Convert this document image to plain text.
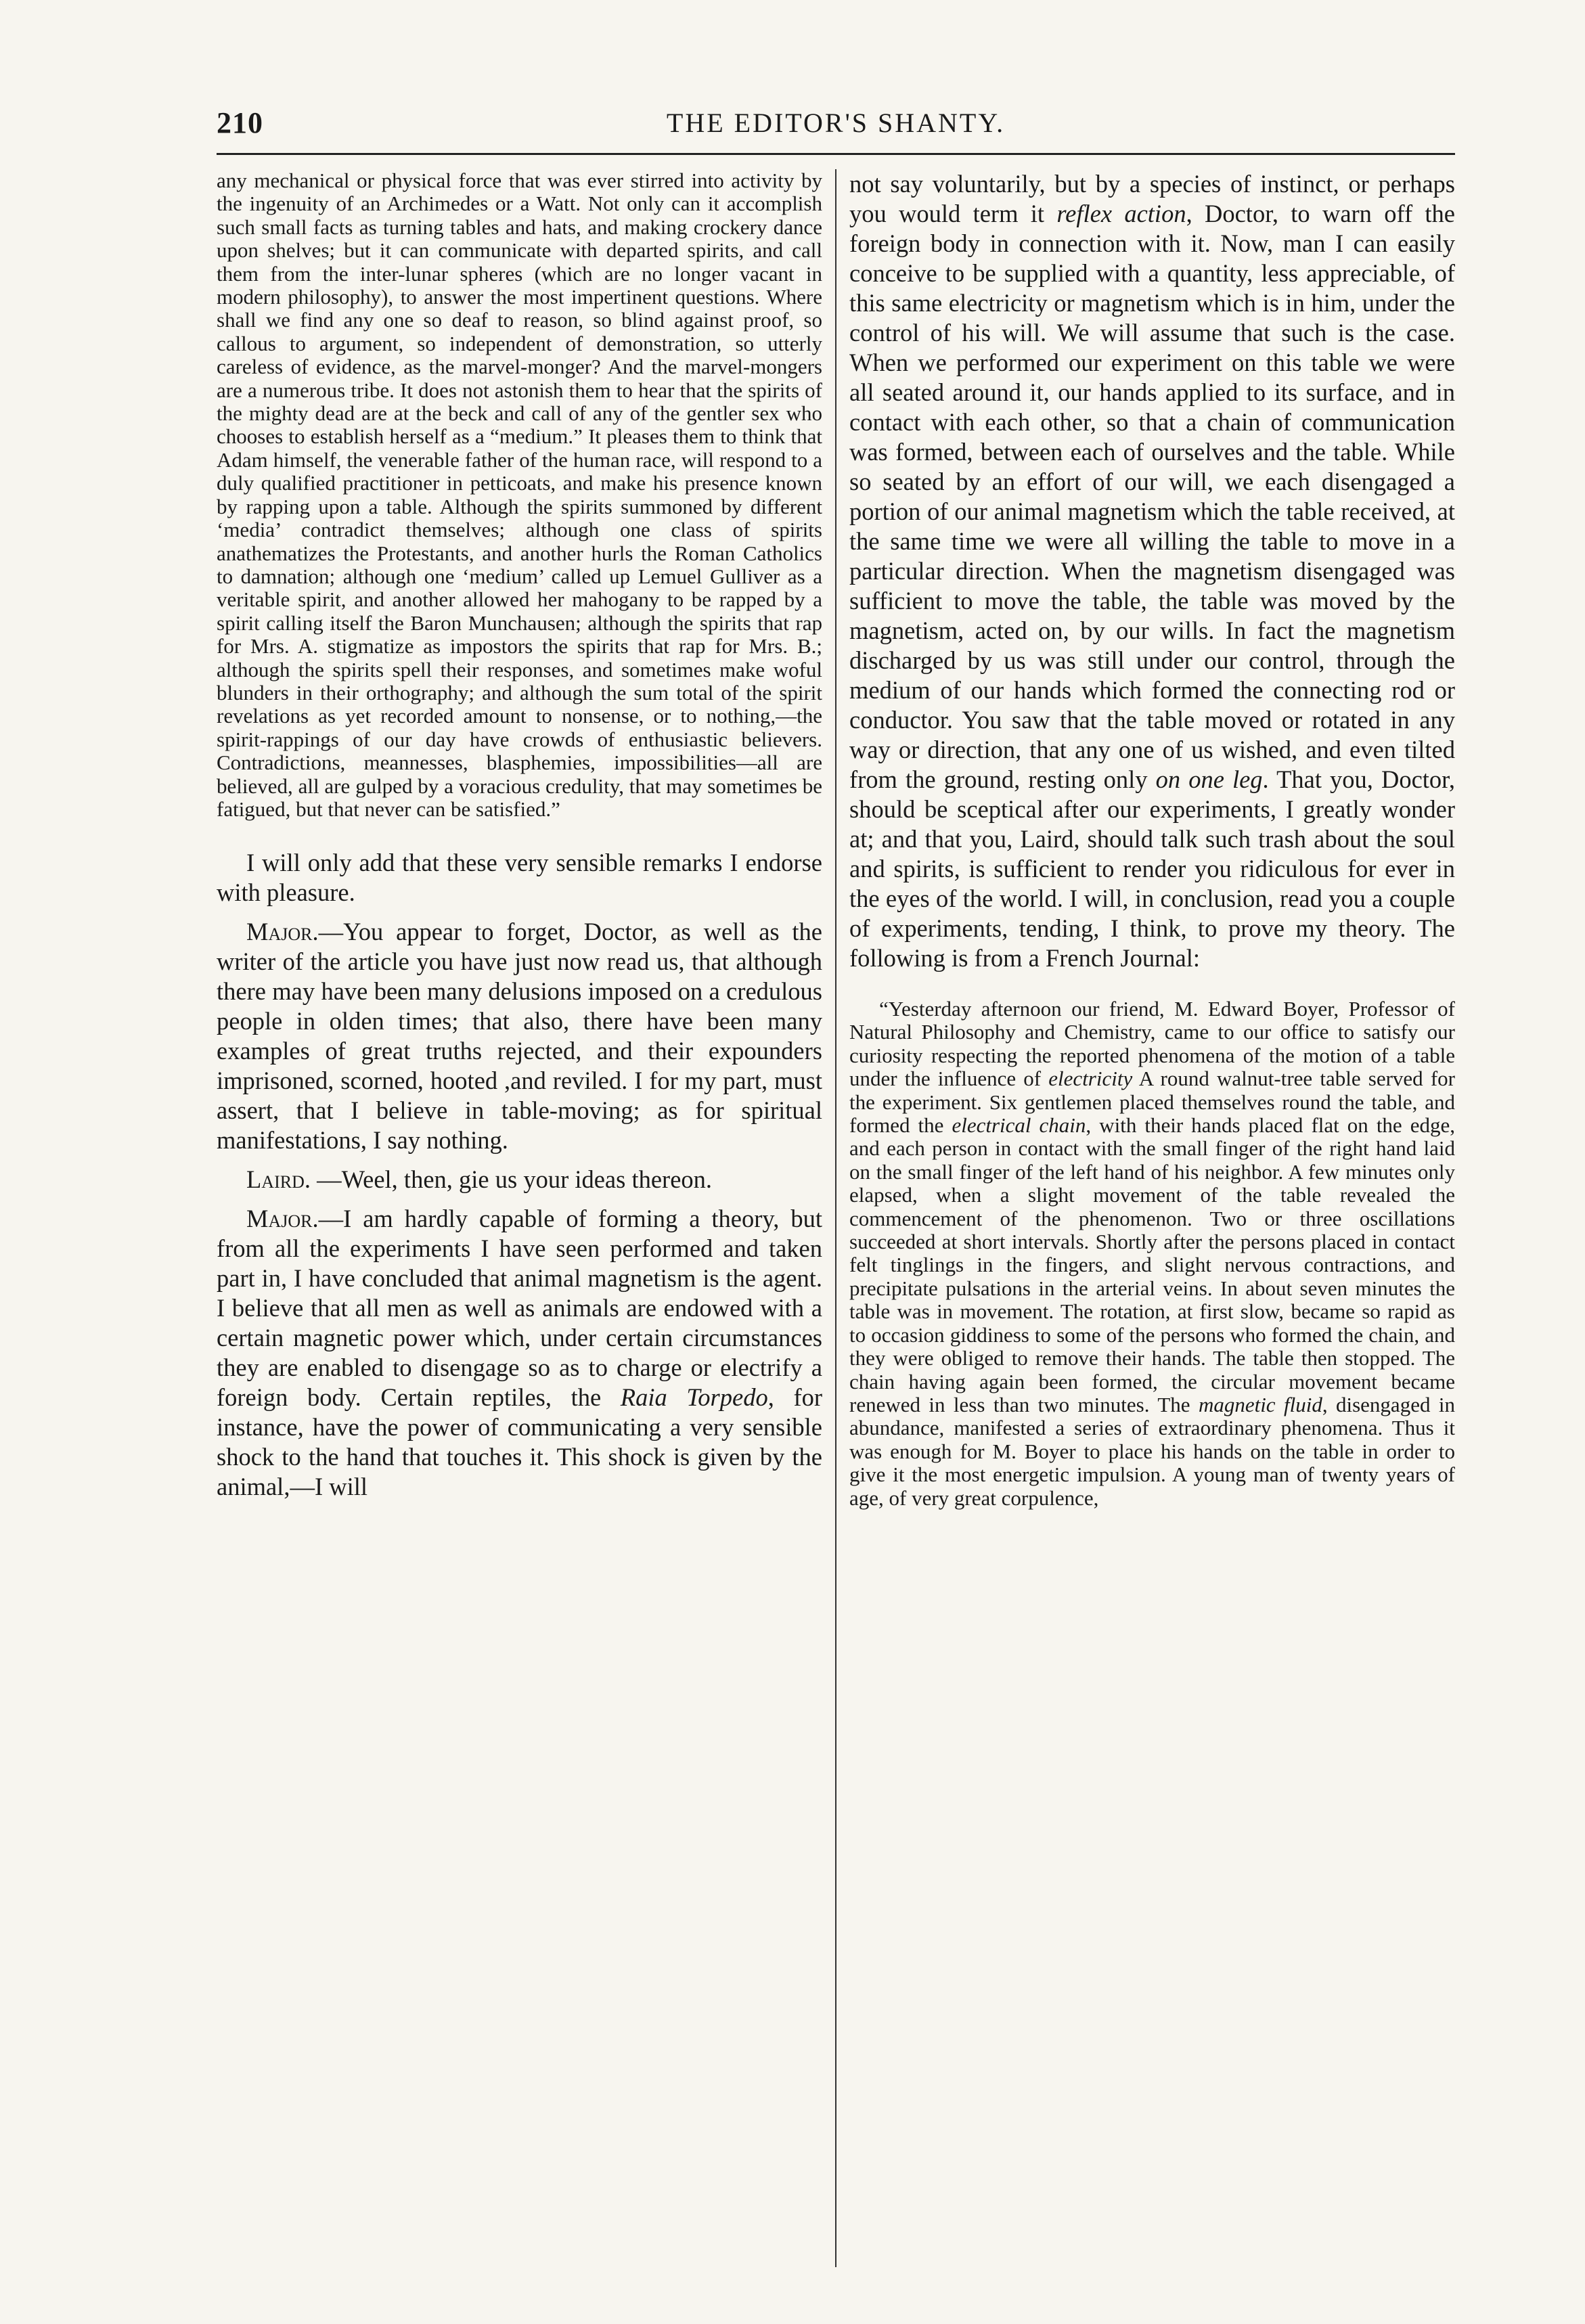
210	THE EDITOR'S SHANTY.

any mechanical or physical force that was ever stirred into activity by the ingenuity of an Archimedes or a Watt. Not only can it accomplish such small facts as turning tables and hats, and making crockery dance upon shelves; but it can communicate with departed spirits, and call them from the inter-lunar spheres (which are no longer vacant in modern philosophy), to answer the most impertinent questions. Where shall we find any one so deaf to reason, so blind against proof, so callous to argument, so independent of demonstration, so utterly careless of evidence, as the marvel-monger? And the marvel-mongers are a numerous tribe. It does not astonish them to hear that the spirits of the mighty dead are at the beck and call of any of the gentler sex who chooses to establish herself as a “medium.” It pleases them to think that Adam himself, the venerable father of the human race, will respond to a duly qualified practitioner in petticoats, and make his presence known by rapping upon a table. Although the spirits summoned by different ‘media’ contradict themselves; although one class of spirits anathematizes the Protestants, and another hurls the Roman Catholics to damnation; although one ‘medium’ called up Lemuel Gulliver as a veritable spirit, and another allowed her mahogany to be rapped by a spirit calling itself the Baron Munchausen; although the spirits that rap for Mrs. A. stigmatize as impostors the spirits that rap for Mrs. B.; although the spirits spell their responses, and sometimes make woful blunders in their orthography; and although the sum total of the spirit revelations as yet recorded amount to nonsense, or to nothing,—the spirit-rappings of our day have crowds of enthusiastic believers. Contradictions, meannesses, blasphemies, impossibilities—all are believed, all are gulped by a voracious credulity, that may sometimes be fatigued, but that never can be satisfied.”

I will only add that these very sensible remarks I endorse with pleasure.

Major.—You appear to forget, Doctor, as well as the writer of the article you have just now read us, that although there may have been many delusions imposed on a credulous people in olden times; that also, there have been many examples of great truths rejected, and their expounders imprisoned, scorned, hooted ,and reviled. I for my part, must assert, that I believe in table-moving; as for spiritual manifestations, I say nothing.

Laird. —Weel, then, gie us your ideas thereon.

Major.—I am hardly capable of forming a theory, but from all the experiments I have seen performed and taken part in, I have concluded that animal magnetism is the agent. I believe that all men as well as animals are endowed with a certain magnetic power which, under certain circumstances they are enabled to disengage so as to charge or electrify a foreign body. Certain reptiles, the Raia Torpedo, for instance, have the power of communicating a very sensible shock to the hand that touches it. This shock is given by the animal,—I will

not say voluntarily, but by a species of instinct, or perhaps you would term it reflex action, Doctor, to warn off the foreign body in connection with it. Now, man I can easily conceive to be supplied with a quantity, less appreciable, of this same electricity or magnetism which is in him, under the control of his will. We will assume that such is the case. When we performed our experiment on this table we were all seated around it, our hands applied to its surface, and in contact with each other, so that a chain of communication was formed, between each of ourselves and the table. While so seated by an effort of our will, we each disengaged a portion of our animal magnetism which the table received, at the same time we were all willing the table to move in a particular direction. When the magnetism disengaged was sufficient to move the table, the table was moved by the magnetism, acted on, by our wills. In fact the magnetism discharged by us was still under our control, through the medium of our hands which formed the connecting rod or conductor. You saw that the table moved or rotated in any way or direction, that any one of us wished, and even tilted from the ground, resting only on one leg. That you, Doctor, should be sceptical after our experiments, I greatly wonder at; and that you, Laird, should talk such trash about the soul and spirits, is sufficient to render you ridiculous for ever in the eyes of the world. I will, in conclusion, read you a couple of experiments, tending, I think, to prove my theory. The following is from a French Journal:

“Yesterday afternoon our friend, M. Edward Boyer, Professor of Natural Philosophy and Chemistry, came to our office to satisfy our curiosity respecting the reported phenomena of the motion of a table under the influence of electricity A round walnut-tree table served for the experiment. Six gentlemen placed themselves round the table, and formed the electrical chain, with their hands placed flat on the edge, and each person in contact with the small finger of the right hand laid on the small finger of the left hand of his neighbor. A few minutes only elapsed, when a slight movement of the table revealed the commencement of the phenomenon. Two or three oscillations succeeded at short intervals. Shortly after the persons placed in contact felt tinglings in the fingers, and slight nervous contractions, and precipitate pulsations in the arterial veins. In about seven minutes the table was in movement. The rotation, at first slow, became so rapid as to occasion giddiness to some of the persons who formed the chain, and they were obliged to remove their hands. The table then stopped. The chain having again been formed, the circular movement became renewed in less than two minutes. The magnetic fluid, disengaged in abundance, manifested a series of extraordinary phenomena. Thus it was enough for M. Boyer to place his hands on the table in order to give it the most energetic impulsion. A young man of twenty years of age, of very great corpulence,
